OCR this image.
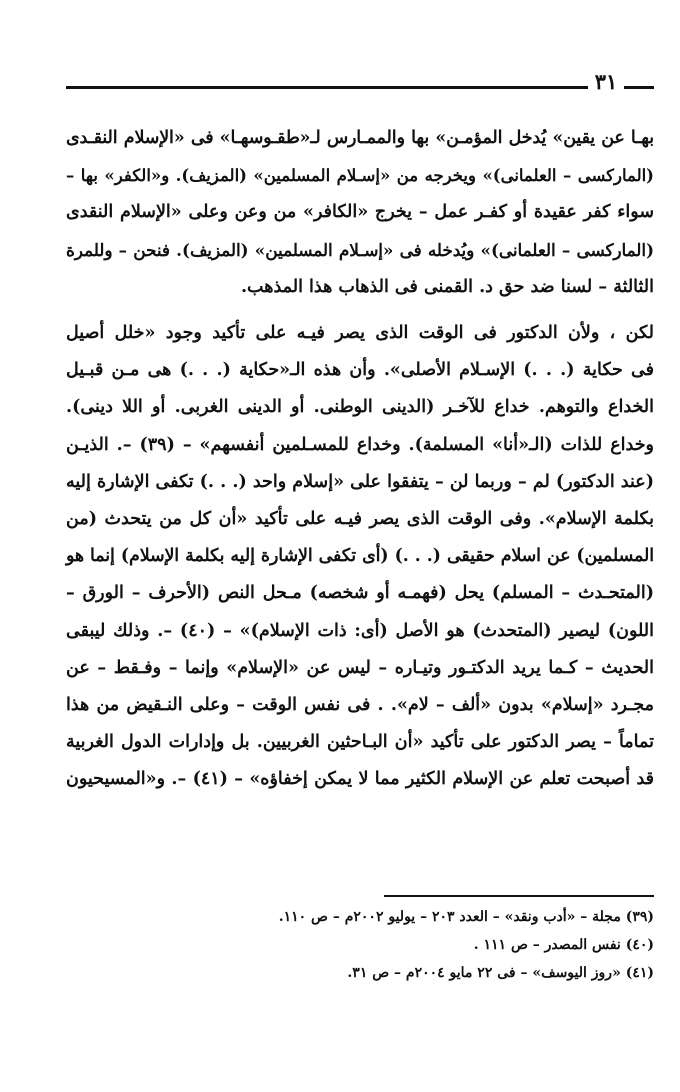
٣١
بهـا عن يقين» يُدخل المؤمـن» بها والممـارس لـ«طقـوسهـا» فى «الإسلام النقـدى
(الماركسى – العلمانى)» ويخرجه من «إسـلام المسلمين» (المزيف). و«الكفر» بها –
سواء كفر عقيدة أو كفـر عمل – يخرج «الكافر» من وعن وعلى «الإسلام النقدى
(الماركسى – العلمانى)» ويُدخله فى «إسـلام المسلمين» (المزيف). فنحن – وللمرة
الثالثة – لسنا ضد حق د. القمنى فى الذهاب هذا المذهب.
لكن ، ولأن الدكتور فى الوقت الذى يصر فيـه على تأكيد وجود «خلل أصيل
فى حكاية (. . .) الإسـلام الأصلى». وأن هذه الـ«حكاية (. . .) هى مـن قبـيل
الخداع والتوهم. خداع للآخـر (الدينى الوطنى. أو الدينى الغربى. أو اللا دينى).
وخداع للذات (الـ«أنا» المسلمة). وخداع للمسـلمين أنفسهم» – (٣٩) –. الذيـن
(عند الدكتور) لم – وربما لن – يتفقوا على «إسلام واحد (. . .) تكفى الإشارة إليه
بكلمة الإسلام». وفى الوقت الذى يصر فيـه على تأكيد «أن كل من يتحدث (من
المسلمين) عن اسلام حقيقى (. . .) (أى تكفى الإشارة إليه بكلمة الإسلام) إنما هو
(المتحـدث – المسلم) يحل (فهمـه أو شخصه) مـحل النص (الأحرف – الورق –
اللون) ليصير (المتحدث) هو الأصل (أى: ذات الإسلام)» – (٤٠) –. وذلك ليبقى
الحديث – كـما يريد الدكتـور وتيـاره – ليس عن «الإسلام» وإنما – وفـقط – عن
مجـرد «إسلام» بدون «ألف – لام». . فى نفس الوقت – وعلى النـقيض من هذا
تماماً – يصر الدكتور على تأكيد «أن البـاحثين الغربيين. بل وإدارات الدول الغربية
قد أصبحت تعلم عن الإسلام الكثير مما لا يمكن إخفاؤه» – (٤١) –. و«المسيحيون
(٣٩) مجلة – «أدب ونقد» – العدد ٢٠٣ – يوليو ٢٠٠٢م – ص ١١٠.
(٤٠) نفس المصدر – ص ١١١ .
(٤١) «روز اليوسف» – فى ٢٢ مايو ٢٠٠٤م – ص ٣١.
